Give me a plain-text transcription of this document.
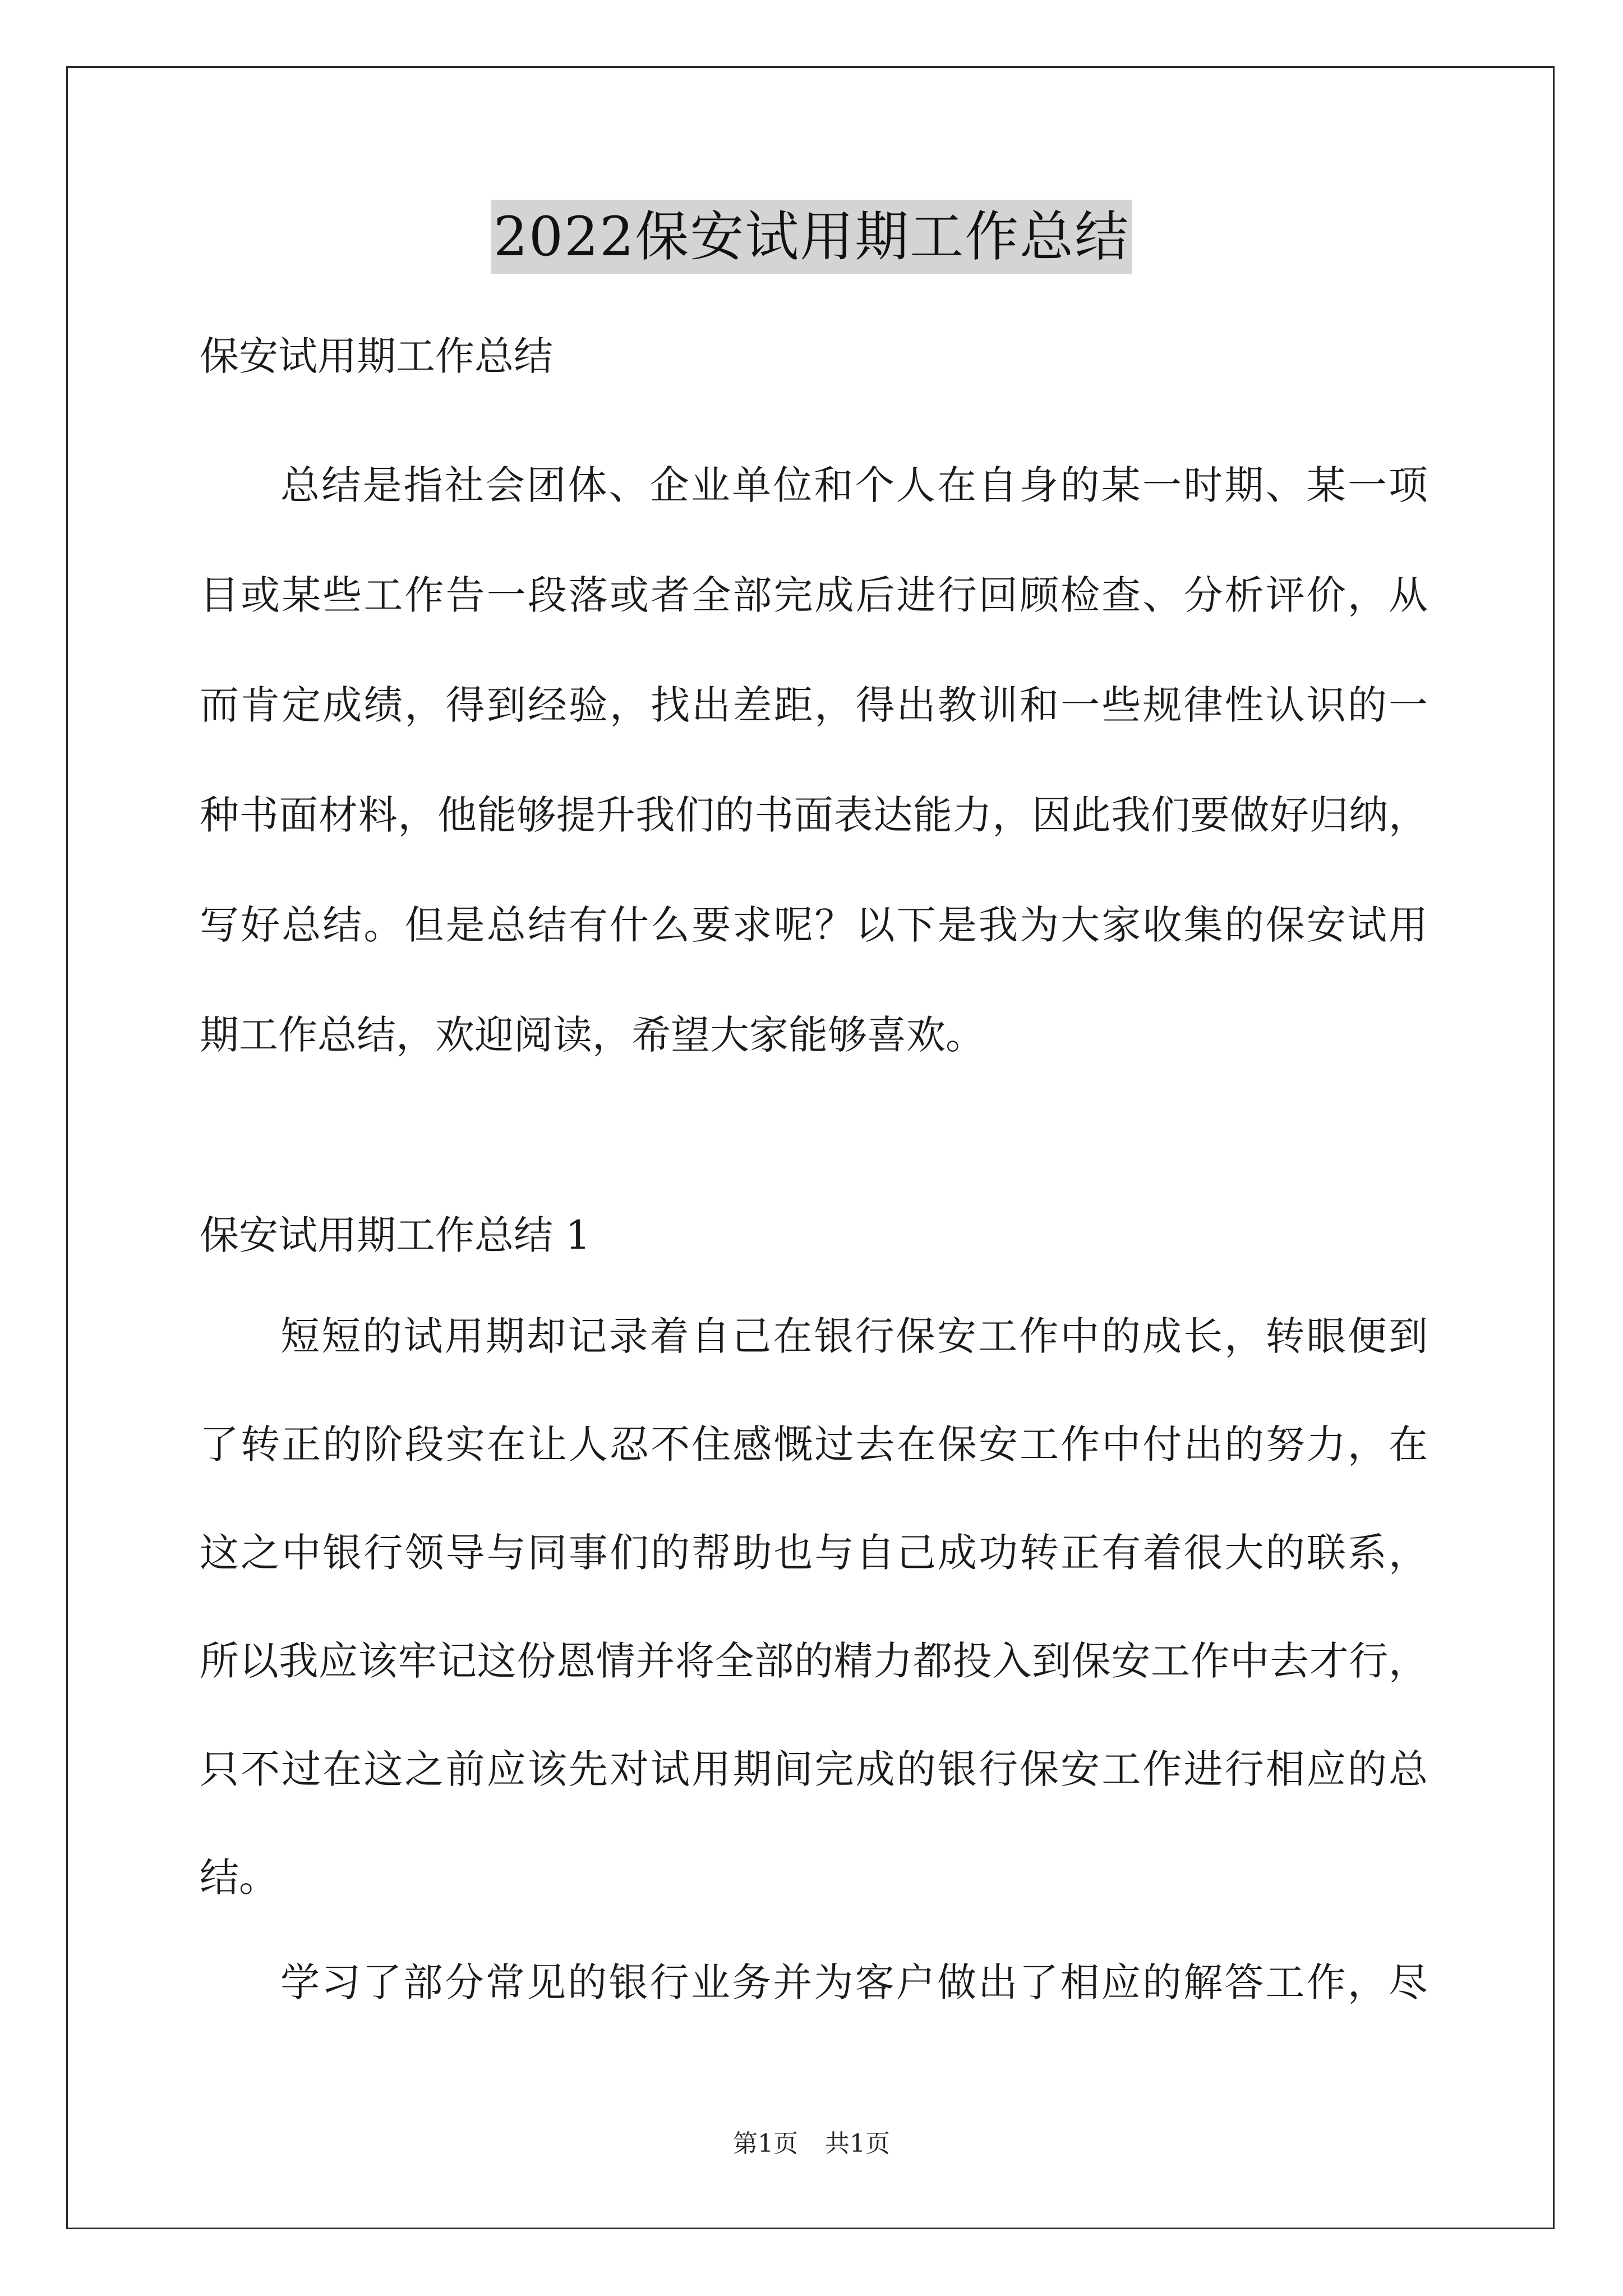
2022保安试用期工作总结
保安试用期工作总结
总结是指社会团体、企业单位和个人在自身的某一时期、某一项
目或某些工作告一段落或者全部完成后进行回顾检查、分析评价，从
而肯定成绩，得到经验，找出差距，得出教训和一些规律性认识的一
种书面材料，他能够提升我们的书面表达能力，因此我们要做好归纳，
写好总结。但是总结有什么要求呢？以下是我为大家收集的保安试用
期工作总结，欢迎阅读，希望大家能够喜欢。
保安试用期工作总结 1
短短的试用期却记录着自己在银行保安工作中的成长，转眼便到
了转正的阶段实在让人忍不住感慨过去在保安工作中付出的努力，在
这之中银行领导与同事们的帮助也与自己成功转正有着很大的联系，
所以我应该牢记这份恩情并将全部的精力都投入到保安工作中去才行，
只不过在这之前应该先对试用期间完成的银行保安工作进行相应的总
结。
学习了部分常见的银行业务并为客户做出了相应的解答工作，尽
第1页 共1页
